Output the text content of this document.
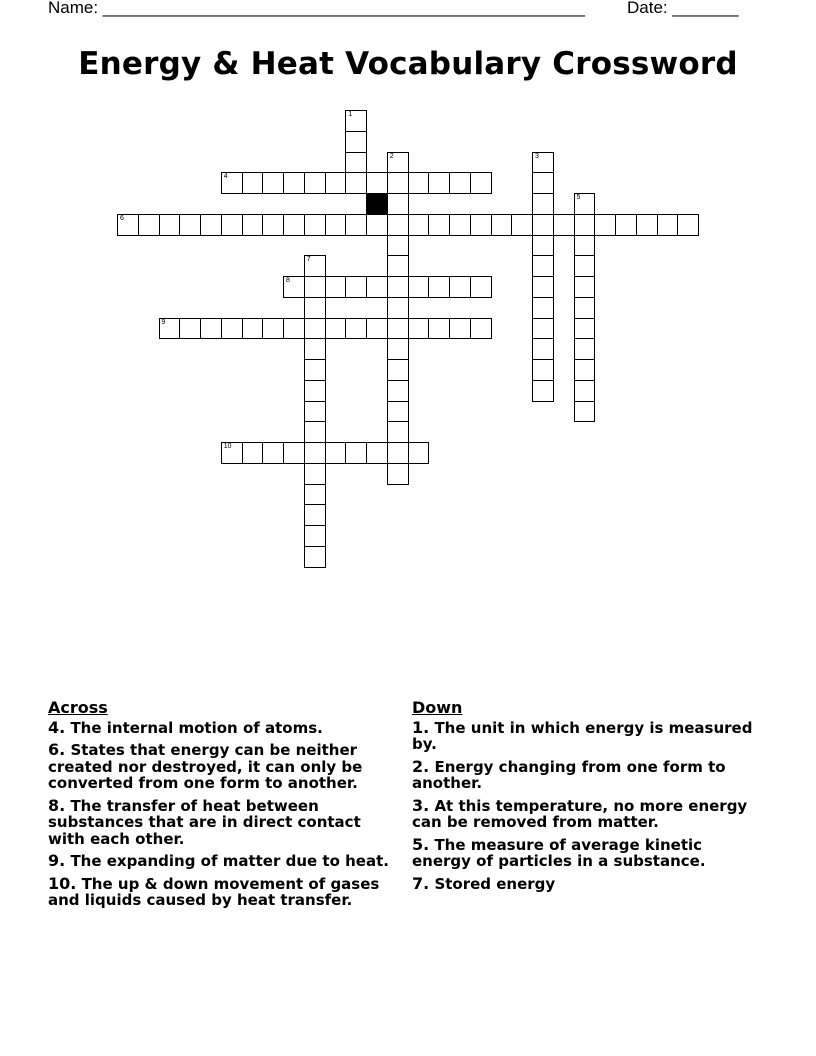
Name: ___________________________________________________ Date: _______
Energy & Heat Vocabulary Crossword
1
2	3
4
5
6
7
8
9
10
Across
4. The internal motion of atoms.
6. States that energy can be neither created nor destroyed, it can only be converted from one form to another.
8. The transfer of heat between substances that are in direct contact with each other.
9. The expanding of matter due to heat.
10. The up & down movement of gases and liquids caused by heat transfer.
Down
1. The unit in which energy is measured by.
2. Energy changing from one form to another.
3. At this temperature, no more energy can be removed from matter.
5. The measure of average kinetic energy of particles in a substance.
7. Stored energy
